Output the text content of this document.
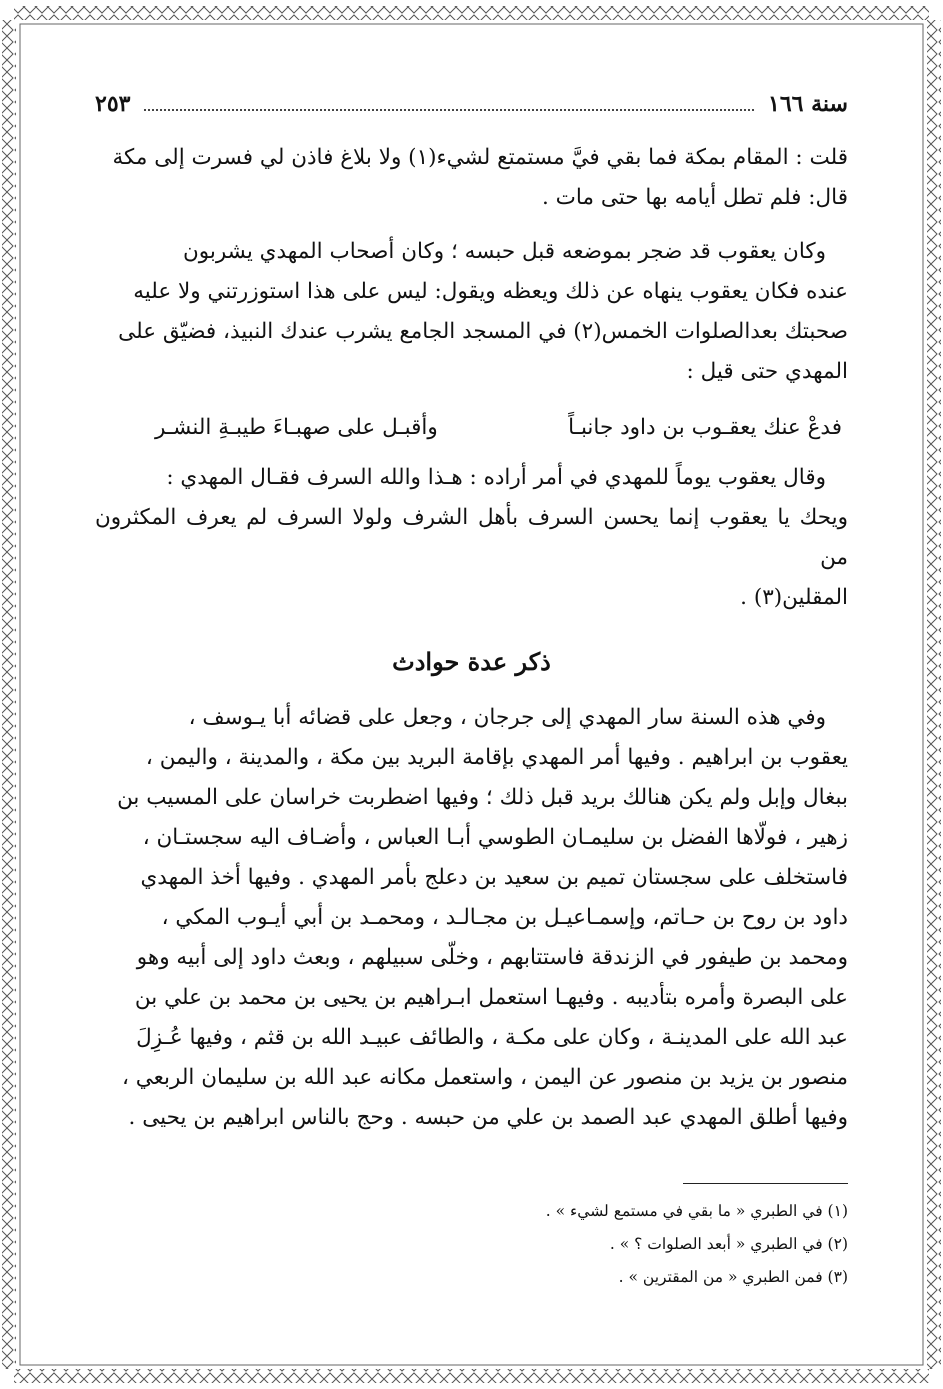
٢٥٣	سنة ١٦٦

قلت : المقام بمكة فما بقي فيَّ مستمتع لشيء(١) ولا بلاغ فاذن لي فسرت إلى مكة

قال: فلم تطل أيامه بها حتى مات .

وكان يعقوب قد ضجر بموضعه قبل حبسه ؛ وكان أصحاب المهدي يشربون

عنده فكان يعقوب ينهاه عن ذلك ويعظه ويقول: ليس على هذا استوزرتني ولا عليه

صحبتك بعدالصلوات الخمس(٢) في المسجد الجامع يشرب عندك النبيذ، فضيّق على

المهدي حتى قيل :

فدعْ عنك يعقـوب بن داود جانبـاً
وأقبـل على صهبـاءَ طيبـةِ النشـر

وقال يعقوب يوماً للمهدي في أمر أراده : هـذا والله السرف فقـال المهدي :

ويحك يا يعقوب إنما يحسن السرف بأهل الشرف ولولا السرف لم يعرف المكثرون من

المقلين(٣) .

ذكر عدة حوادث

وفي هذه السنة سار المهدي إلى جرجان ، وجعل على قضائه أبا يـوسف ،

يعقوب بن ابراهيم . وفيها أمر المهدي بإقامة البريد بين مكة ، والمدينة ، واليمن ،

ببغال وإبل ولم يكن هنالك بريد قبل ذلك ؛ وفيها اضطربت خراسان على المسيب بن

زهير ، فولّاها الفضل بن سليمـان الطوسي أبـا العباس ، وأضـاف اليه سجستـان ،

فاستخلف على سجستان تميم بن سعيد بن دعلج بأمر المهدي . وفيها أخذ المهدي

داود بن روح بن حـاتم، وإسمـاعيـل بن مجـالـد ، ومحمـد بن أبي أيـوب المكي ،

ومحمد بن طيفور في الزندقة فاستتابهم ، وخلّى سبيلهم ، وبعث داود إلى أبيه وهو

على البصرة وأمره بتأديبه . وفيهـا استعمل ابـراهيم بن يحيى بن محمد بن علي بن

عبد الله على المدينـة ، وكان على مكـة ، والطائف عبيـد الله بن قثم ، وفيها عُـزِلَ

منصور بن يزيد بن منصور عن اليمن ، واستعمل مكانه عبد الله بن سليمان الربعي ،

وفيها أطلق المهدي عبد الصمد بن علي من حبسه . وحج بالناس ابراهيم بن يحيى .

(١) في الطبري « ما بقي في مستمع لشيء » .
(٢) في الطبري « أبعد الصلوات ؟ » .
(٣) فمن الطبري « من المقترين » .
